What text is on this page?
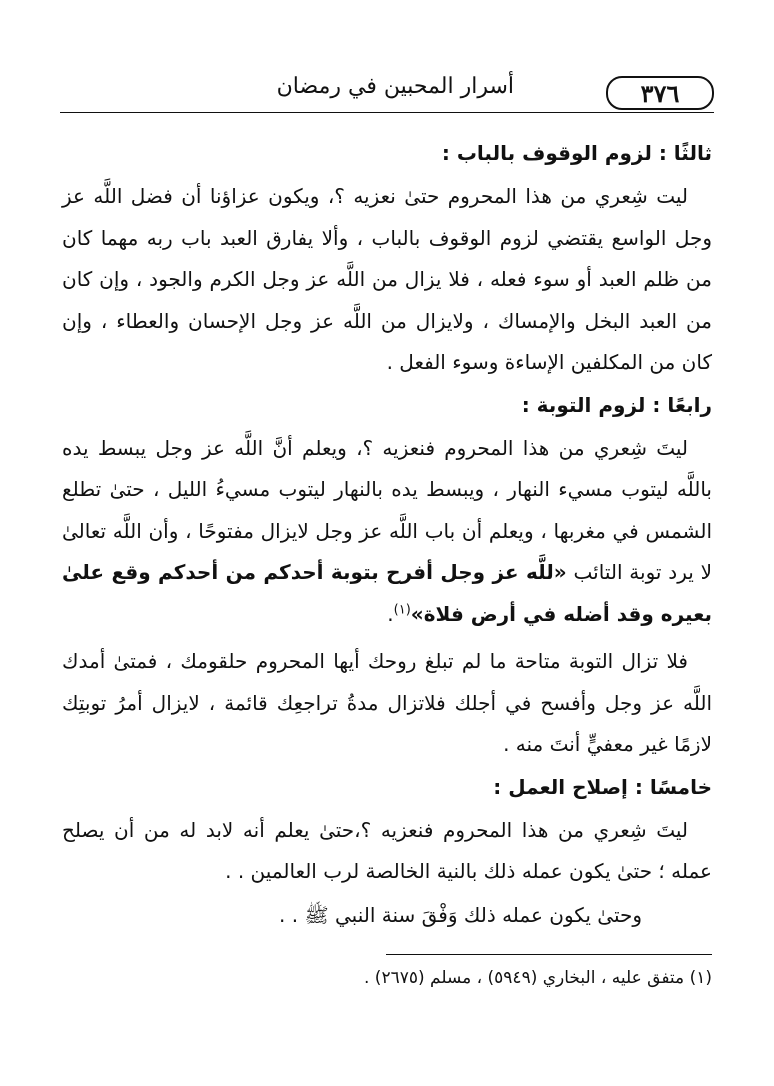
٣٧٦
أسرار المحبين في رمضان
ثالثًا : لزوم الوقوف بالباب :

ليت شِعري من هذا المحروم حتىٰ نعزيه ؟، ويكون عزاؤنا أن فضل اللَّه عز وجل الواسع يقتضي لزوم الوقوف بالباب ، وألا يفارق العبد باب ربه مهما كان من ظلم العبد أو سوء فعله ، فلا يزال من اللَّه عز وجل الكرم والجود ، وإن كان من العبد البخل والإمساك ، ولايزال من اللَّه عز وجل الإحسان والعطاء ، وإن كان من المكلفين الإساءة وسوء الفعل .

رابعًا : لزوم التوبة :

ليتَ شِعري من هذا المحروم فنعزيه ؟، ويعلم أنَّ اللَّه عز وجل يبسط يده باللَّه ليتوب مسيء النهار ، ويبسط يده بالنهار ليتوب مسيءُ الليل ، حتىٰ تطلع الشمس في مغربها ، ويعلم أن باب اللَّه عز وجل لايزال مفتوحًا ، وأن اللَّه تعالىٰ لا يرد توبة التائب «للَّه عز وجل أفرح بتوبة أحدكم من أحدكم وقع علىٰ بعيره وقد أضله في أرض فلاة»$^{(١)}$.

فلا تزال التوبة متاحة ما لم تبلغ روحك أيها المحروم حلقومك ، فمتىٰ أمدك اللَّه عز وجل وأفسح في أجلك فلاتزال مدةُ تراجعِك قائمة ، لايزال أمرُ توبتِك لازمًا غير معفيٍّ أنتَ منه .

خامسًا : إصلاح العمل :

ليتَ شِعري من هذا المحروم فنعزيه ؟،حتىٰ يعلم أنه لابد له من أن يصلح عمله ؛ حتىٰ يكون عمله ذلك بالنية الخالصة لرب العالمين . .

وحتىٰ يكون عمله ذلك وَفْقَ سنة النبي ﷺ . .

(١) متفق عليه ، البخاري (٥٩٤٩) ، مسلم (٢٦٧٥) .
